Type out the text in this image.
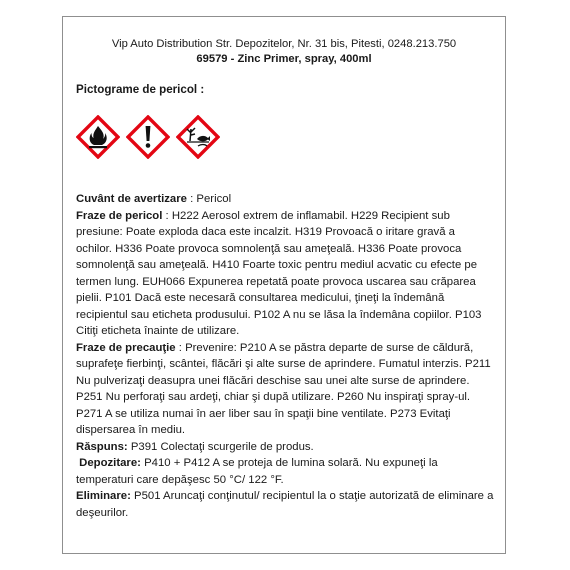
Vip Auto Distribution Str. Depozitelor, Nr. 31 bis, Pitesti, 0248.213.750
69579 - Zinc Primer, spray, 400ml
Pictograme de pericol :

Cuvânt de avertizare : Pericol

Fraze de pericol : H222 Aerosol extrem de inflamabil. H229 Recipient sub presiune: Poate exploda daca este incalzit. H319 Provoacă o iritare gravă a ochilor. H336 Poate provoca somnolenţă sau ameţeală. H336 Poate provoca somnolenţă sau ameţeală. H410 Foarte toxic pentru mediul acvatic cu efecte pe termen lung. EUH066 Expunerea repetată poate provoca uscarea sau crăparea pielii. P101 Dacă este necesară consultarea medicului, ţineţi la îndemână recipientul sau eticheta produsului. P102 A nu se lăsa la îndemâna copiilor. P103 Citiţi eticheta înainte de utilizare.

Fraze de precauţie : Prevenire: P210 A se păstra departe de surse de căldură, suprafeţe fierbinţi, scântei, flăcări şi alte surse de aprindere. Fumatul interzis. P211 Nu pulverizaţi deasupra unei flăcări deschise sau unei alte surse de aprindere. P251 Nu perforaţi sau ardeţi, chiar şi după utilizare. P260 Nu inspiraţi spray-ul. P271 A se utiliza numai în aer liber sau în spaţii bine ventilate. P273 Evitaţi dispersarea în mediu.

Răspuns: P391 Colectaţi scurgerile de produs.

Depozitare: P410 + P412 A se proteja de lumina solară. Nu expuneţi la temperaturi care depăşesc 50 °C/ 122 °F.

Eliminare: P501 Aruncaţi conţinutul/ recipientul la o staţie autorizată de eliminare a deşeurilor.
